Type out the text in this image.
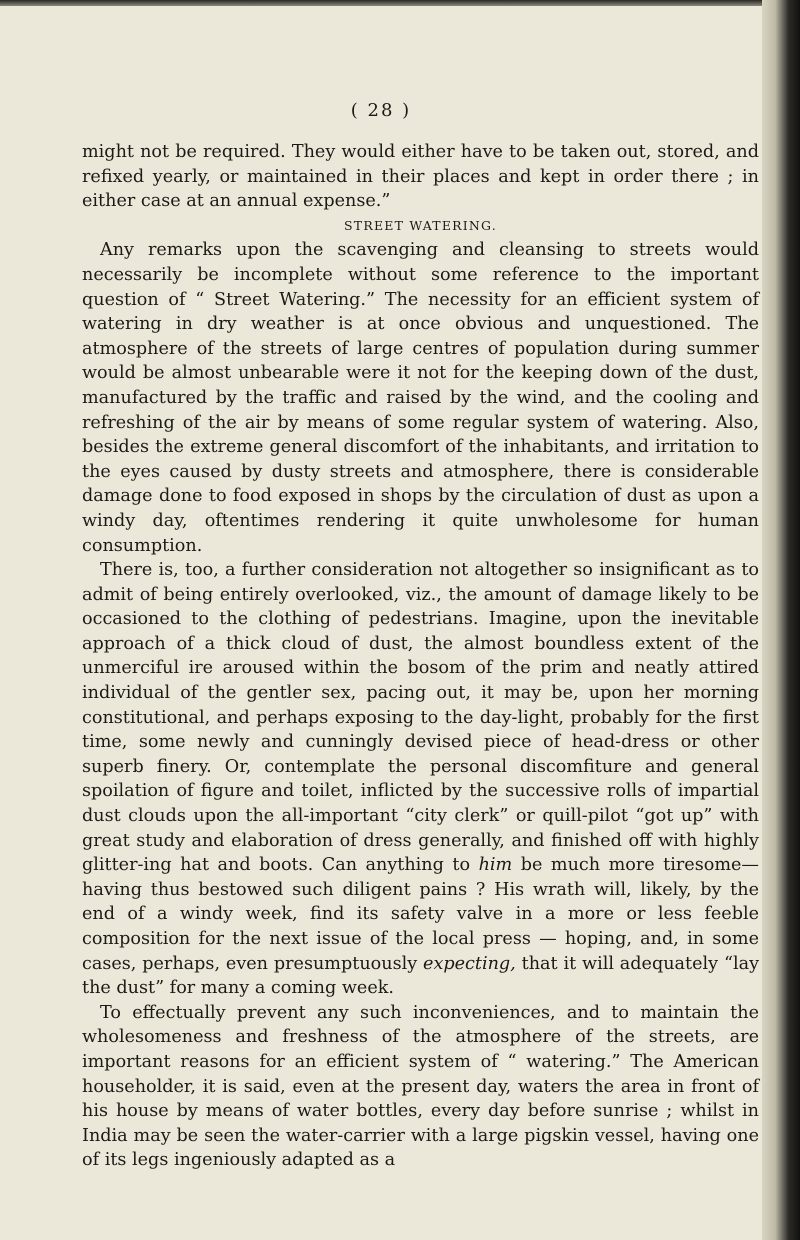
( 28 )

might not be required. They would either have to be taken out, stored, and refixed yearly, or maintained in their places and kept in order there ; in either case at an annual expense.”

STREET WATERING.

Any remarks upon the scavenging and cleansing to streets would necessarily be incomplete without some reference to the important question of “ Street Watering.” The necessity for an efficient system of watering in dry weather is at once obvious and unquestioned. The atmosphere of the streets of large centres of population during summer would be almost unbearable were it not for the keeping down of the dust, manufactured by the traffic and raised by the wind, and the cooling and refreshing of the air by means of some regular system of watering. Also, besides the extreme general discomfort of the inhabitants, and irritation to the eyes caused by dusty streets and atmosphere, there is considerable damage done to food exposed in shops by the circulation of dust as upon a windy day, oftentimes rendering it quite unwholesome for human consumption.

There is, too, a further consideration not altogether so insignificant as to admit of being entirely overlooked, viz., the amount of damage likely to be occasioned to the clothing of pedestrians. Imagine, upon the inevitable approach of a thick cloud of dust, the almost boundless extent of the unmerciful ire aroused within the bosom of the prim and neatly attired individual of the gentler sex, pacing out, it may be, upon her morning constitutional, and perhaps exposing to the day-light, probably for the first time, some newly and cunningly devised piece of head-dress or other superb finery. Or, contemplate the personal discomfiture and general spoilation of figure and toilet, inflicted by the successive rolls of impartial dust clouds upon the all-important “city clerk” or quill-pilot “got up” with great study and elaboration of dress generally, and finished off with highly glitter-ing hat and boots. Can anything to him be much more tiresome—having thus bestowed such diligent pains ? His wrath will, likely, by the end of a windy week, find its safety valve in a more or less feeble composition for the next issue of the local press — hoping, and, in some cases, perhaps, even presumptuously expecting, that it will adequately “lay the dust” for many a coming week.

To effectually prevent any such inconveniences, and to maintain the wholesomeness and freshness of the atmosphere of the streets, are important reasons for an efficient system of “ watering.” The American householder, it is said, even at the present day, waters the area in front of his house by means of water bottles, every day before sunrise ; whilst in India may be seen the water-carrier with a large pigskin vessel, having one of its legs ingeniously adapted as a
